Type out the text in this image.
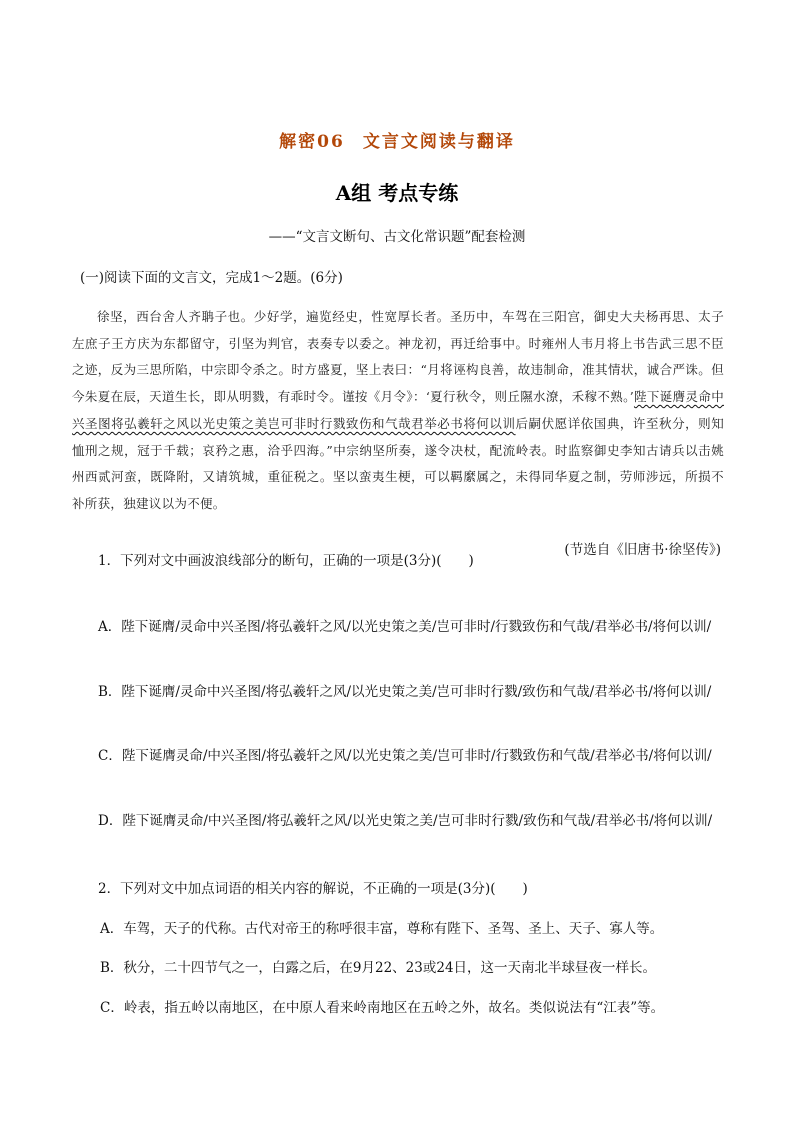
解密06 文言文阅读与翻译
A组 考点专练
——“文言文断句、古文化常识题”配套检测
(一)阅读下面的文言文，完成1～2题。(6分)

徐坚，西台舍人齐聃子也。少好学，遍览经史，性宽厚长者。圣历中，车驾在三阳宫，御史大夫杨再思、太子左庶子王方庆为东都留守，引坚为判官，表奏专以委之。神龙初，再迁给事中。时雍州人韦月将上书告武三思不臣之迹，反为三思所陷，中宗即令杀之。时方盛夏，坚上表曰：“月将诬构良善，故违制命，准其情状，诚合严诛。但今朱夏在辰，天道生长，即从明戮，有乖时令。谨按《月令》：‘夏行秋令，则丘隰水潦，禾稼不熟。’陛下诞膺灵命中兴圣图将弘羲轩之风以光史策之美岂可非时行戮致伤和气哉君举必书将何以训后嗣伏愿详依国典，许至秋分，则知恤刑之规，冠于千载；哀矜之惠，洽乎四海。”中宗纳坚所奏，遂令决杖，配流岭表。时监察御史李知古请兵以击姚州西贰河蛮，既降附，又请筑城，重征税之。坚以蛮夷生梗，可以羁縻属之，未得同华夏之制，劳师涉远，所损不补所获，独建议以为不便。

(节选自《旧唐书·徐坚传》)
1．下列对文中画波浪线部分的断句，正确的一项是(3分)(　　)
A．陛下诞膺/灵命中兴圣图/将弘羲轩之风/以光史策之美/岂可非时/行戮致伤和气哉/君举必书/将何以训/
B．陛下诞膺/灵命中兴圣图/将弘羲轩之风/以光史策之美/岂可非时行戮/致伤和气哉/君举必书/将何以训/
C．陛下诞膺灵命/中兴圣图/将弘羲轩之风/以光史策之美/岂可非时/行戮致伤和气哉/君举必书/将何以训/
D．陛下诞膺灵命/中兴圣图/将弘羲轩之风/以光史策之美/岂可非时行戮/致伤和气哉/君举必书/将何以训/
2．下列对文中加点词语的相关内容的解说，不正确的一项是(3分)(　　)
A．车驾，天子的代称。古代对帝王的称呼很丰富，尊称有陛下、圣驾、圣上、天子、寡人等。
B．秋分，二十四节气之一，白露之后，在9月22、23或24日，这一天南北半球昼夜一样长。
C．岭表，指五岭以南地区，在中原人看来岭南地区在五岭之外，故名。类似说法有“江表”等。
